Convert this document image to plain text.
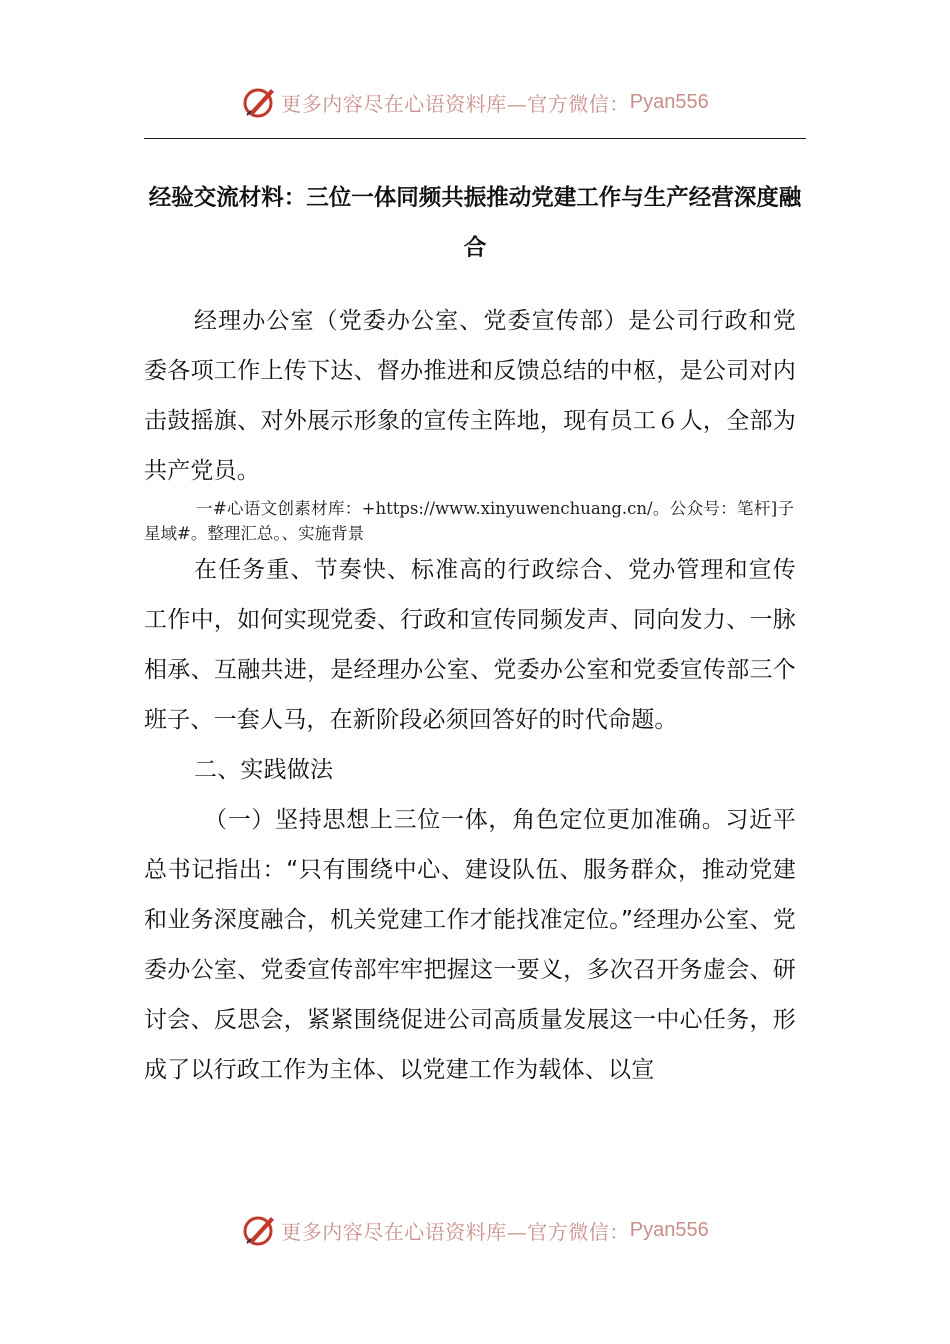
更多内容尽在心语资料库—官方微信： Pyan556
经验交流材料：三位一体同频共振推动党建工作与生产经营深度融合
经理办公室（党委办公室、党委宣传部）是公司行政和党委各项工作上传下达、督办推进和反馈总结的中枢，是公司对内击鼓摇旗、对外展示形象的宣传主阵地，现有员工６人，全部为共产党员。
一#心语文创素材库：+https://www.xinyuwenchuang.cn/。公众号：笔杆]子星域#。整理汇总。、实施背景
在任务重、节奏快、标准高的行政综合、党办管理和宣传工作中，如何实现党委、行政和宣传同频发声、同向发力、一脉相承、互融共进，是经理办公室、党委办公室和党委宣传部三个班子、一套人马，在新阶段必须回答好的时代命题。
二、实践做法
（一）坚持思想上三位一体，角色定位更加准确。习近平总书记指出：“只有围绕中心、建设队伍、服务群众，推动党建和业务深度融合，机关党建工作才能找准定位。”经理办公室、党委办公室、党委宣传部牢牢把握这一要义，多次召开务虚会、研讨会、反思会，紧紧围绕促进公司高质量发展这一中心任务，形成了以行政工作为主体、以党建工作为载体、以宣
更多内容尽在心语资料库—官方微信： Pyan556
